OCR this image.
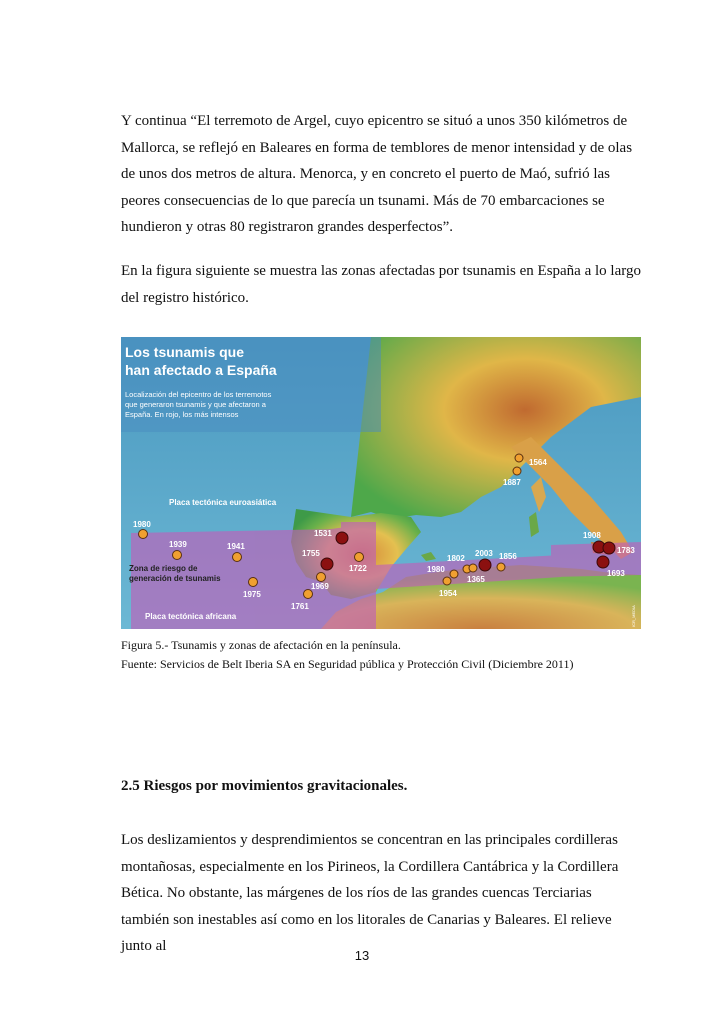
Y continua “El terremoto de Argel, cuyo epicentro se situó a unos 350 kilómetros de Mallorca, se reflejó en Baleares en forma de temblores de menor intensidad y de olas de unos dos metros de altura. Menorca, y en concreto el puerto de Maó, sufrió las peores consecuencias de lo que parecía un tsunami. Más de 70 embarcaciones se hundieron y otras 80 registraron grandes desperfectos”.

En la figura siguiente se muestra las zonas afectadas por tsunamis en España a lo largo del registro histórico.

Los tsunamis que
han afectado a España
Localización del epicentro de los terremotos
que generaron tsunamis y que afectaron a
España. En rojo, los más intensos
Placa tectónica euroasiática
Placa tectónica africana
Zona de riesgo de
generación de tsunamis
ICR_MEDIA
1980
1939	1941
1975
1969
1761
1755
1531
1722
1564
1887
1980
1802
2003 1856
1365
1954
1908
1783
1693

Figura 5.- Tsunamis y zonas de afectación en la península.

Fuente: Servicios de Belt Iberia SA en Seguridad pública y Protección Civil (Diciembre 2011)

2.5 Riesgos por movimientos gravitacionales.

Los deslizamientos y desprendimientos se concentran en las principales cordilleras montañosas, especialmente en los Pirineos, la Cordillera Cantábrica y la Cordillera Bética. No obstante, las márgenes de los ríos de las grandes cuencas Terciarias también son inestables así como en los litorales de Canarias y Baleares. El relieve junto al

13
